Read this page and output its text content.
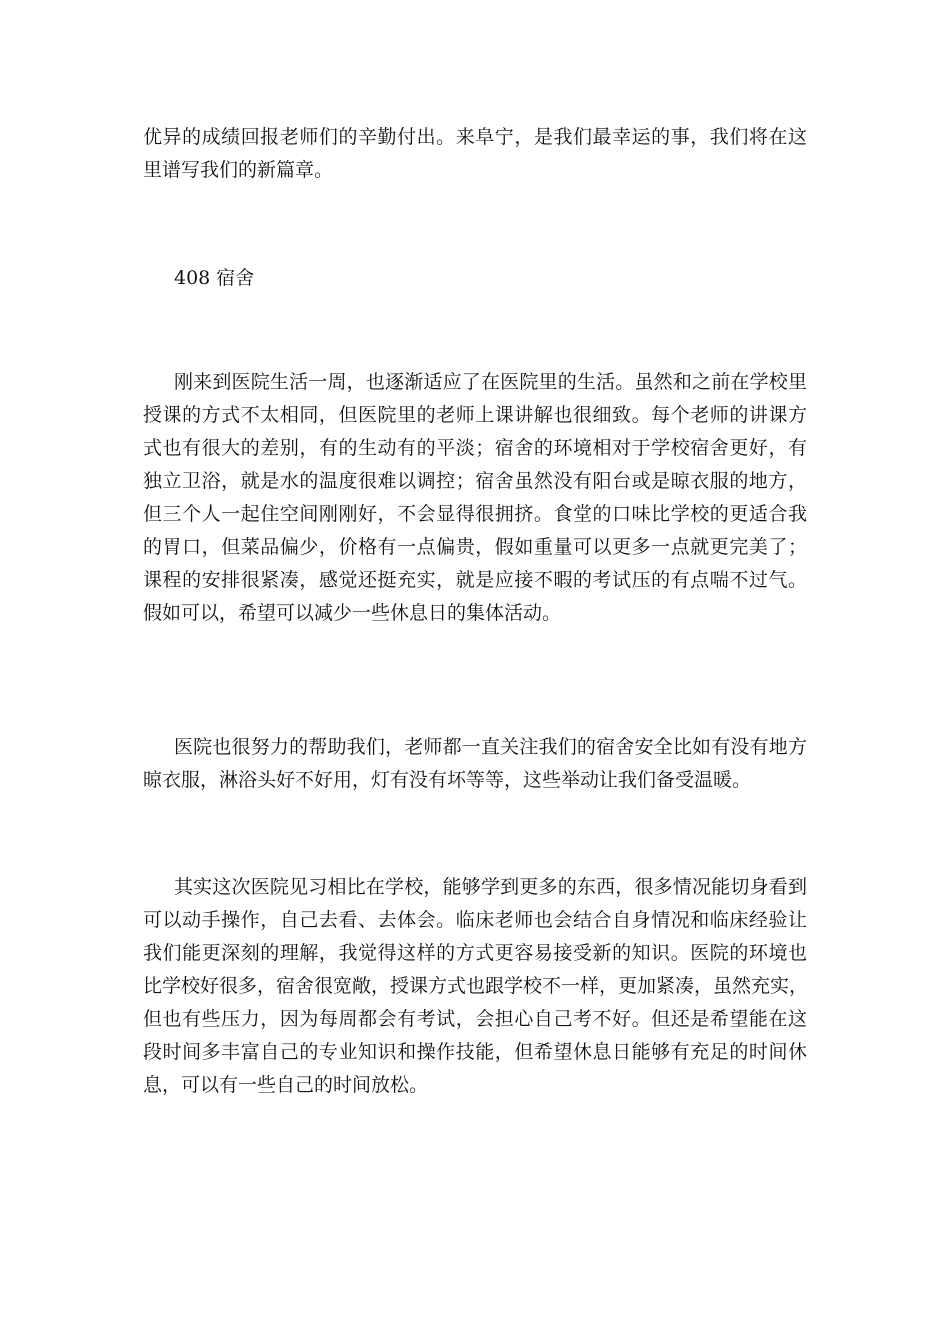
优异的成绩回报老师们的辛勤付出。来阜宁，是我们最幸运的事，我们将在这
里谱写我们的新篇章。
408 宿舍
刚来到医院生活一周，也逐渐适应了在医院里的生活。虽然和之前在学校里
授课的方式不太相同，但医院里的老师上课讲解也很细致。每个老师的讲课方
式也有很大的差别，有的生动有的平淡；宿舍的环境相对于学校宿舍更好，有
独立卫浴，就是水的温度很难以调控；宿舍虽然没有阳台或是晾衣服的地方，
但三个人一起住空间刚刚好，不会显得很拥挤。食堂的口味比学校的更适合我
的胃口，但菜品偏少，价格有一点偏贵，假如重量可以更多一点就更完美了；
课程的安排很紧凑，感觉还挺充实，就是应接不暇的考试压的有点喘不过气。
假如可以，希望可以减少一些休息日的集体活动。
医院也很努力的帮助我们，老师都一直关注我们的宿舍安全比如有没有地方
晾衣服，淋浴头好不好用，灯有没有坏等等，这些举动让我们备受温暖。
其实这次医院见习相比在学校，能够学到更多的东西，很多情况能切身看到
可以动手操作，自己去看、去体会。临床老师也会结合自身情况和临床经验让
我们能更深刻的理解，我觉得这样的方式更容易接受新的知识。医院的环境也
比学校好很多，宿舍很宽敞，授课方式也跟学校不一样，更加紧凑，虽然充实，
但也有些压力，因为每周都会有考试，会担心自己考不好。但还是希望能在这
段时间多丰富自己的专业知识和操作技能，但希望休息日能够有充足的时间休
息，可以有一些自己的时间放松。
